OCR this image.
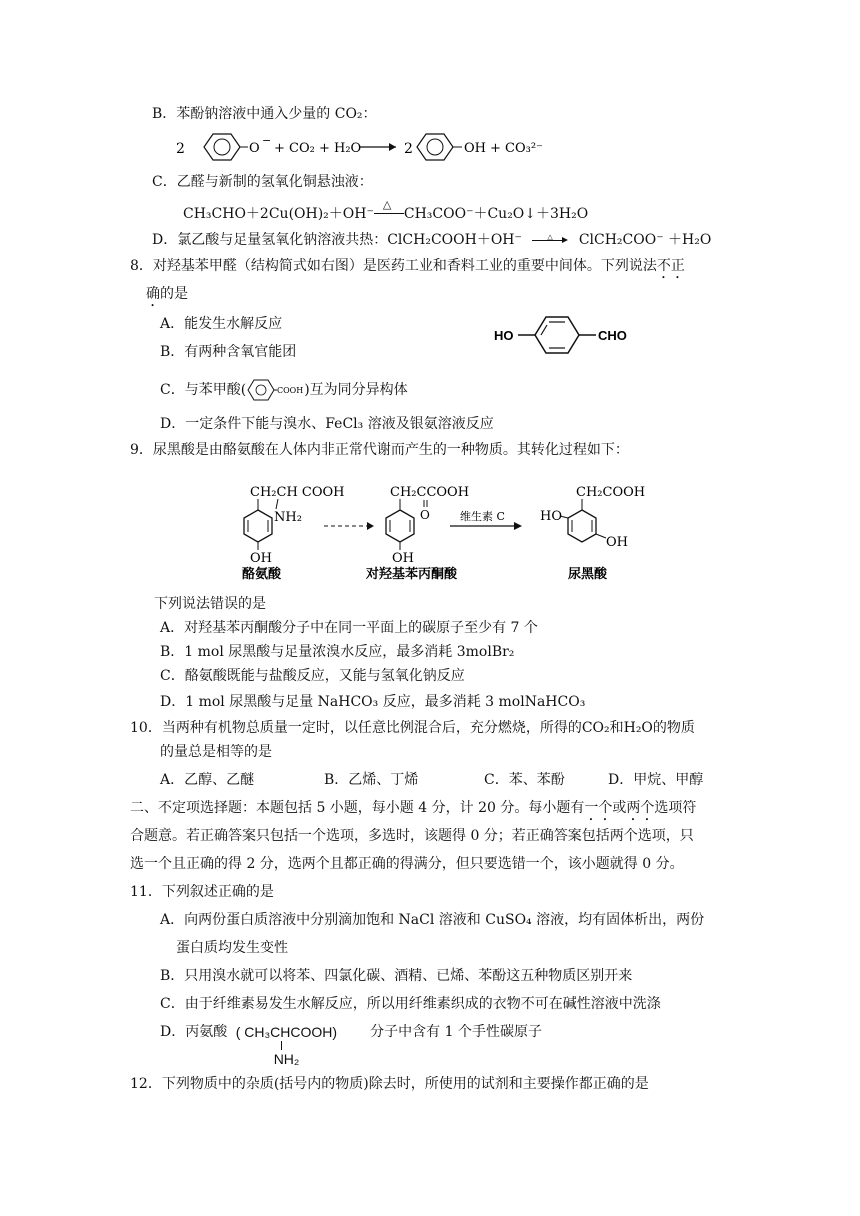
B．苯酚钠溶液中通入少量的 CO₂：
2	O
−
+ CO₂ + H₂O	2	OH + CO₃²⁻
C．乙醛与新制的氢氧化铜悬浊液：
CH₃CHO＋2Cu(OH)₂＋OH⁻
△
CH₃COO⁻＋Cu₂O↓＋3H₂O
D．氯乙酸与足量氢氧化钠溶液共热：ClCH₂COOH＋OH⁻	△ ClCH₂COO⁻ ＋H₂O
8．对羟基苯甲醛（结构简式如右图）是医药工业和香料工业的重要中间体。下列说法不正
确的是
HO	CHO
A．能发生水解反应
B．有两种含氧官能团
C．与苯甲酸(	COOH )互为同分异构体
D．一定条件下能与溴水、FeCl₃ 溶液及银氨溶液反应
9．尿黑酸是由酪氨酸在人体内非正常代谢而产生的一种物质。其转化过程如下：
CH₂CH COOH
NH₂
OH
酪氨酸
CH₂CCOOH
O
OH
对羟基苯丙酮酸
维生素 C
CH₂COOH
HO
OH
尿黑酸
下列说法错误的是
A．对羟基苯丙酮酸分子中在同一平面上的碳原子至少有 7 个
B．1 mol 尿黑酸与足量浓溴水反应，最多消耗 3molBr₂
C．酪氨酸既能与盐酸反应，又能与氢氧化钠反应
D．1 mol 尿黑酸与足量 NaHCO₃ 反应，最多消耗 3 molNaHCO₃
10．当两种有机物总质量一定时，以任意比例混合后，充分燃烧，所得的CO₂和H₂O的物质
的量总是相等的是
A．乙醇、乙醚	B．乙烯、丁烯	C．苯、苯酚	D．甲烷、甲醇
二、不定项选择题：本题包括 5 小题，每小题 4 分，计 20 分。每小题有一个或两个选项符
合题意。若正确答案只包括一个选项，多选时，该题得 0 分；若正确答案包括两个选项，只
选一个且正确的得 2 分，选两个且都正确的得满分，但只要选错一个，该小题就得 0 分。
11．下列叙述正确的是
A．向两份蛋白质溶液中分别滴加饱和 NaCl 溶液和 CuSO₄ 溶液，均有固体析出，两份
蛋白质均发生变性
B．只用溴水就可以将苯、四氯化碳、酒精、已烯、苯酚这五种物质区别开来
C．由于纤维素易发生水解反应，所以用纤维素织成的衣物不可在碱性溶液中洗涤
D．丙氨酸 ( CH₃CHCOOH)
NH₂
分子中含有 1 个手性碳原子
12．下列物质中的杂质(括号内的物质)除去时，所使用的试剂和主要操作都正确的是
